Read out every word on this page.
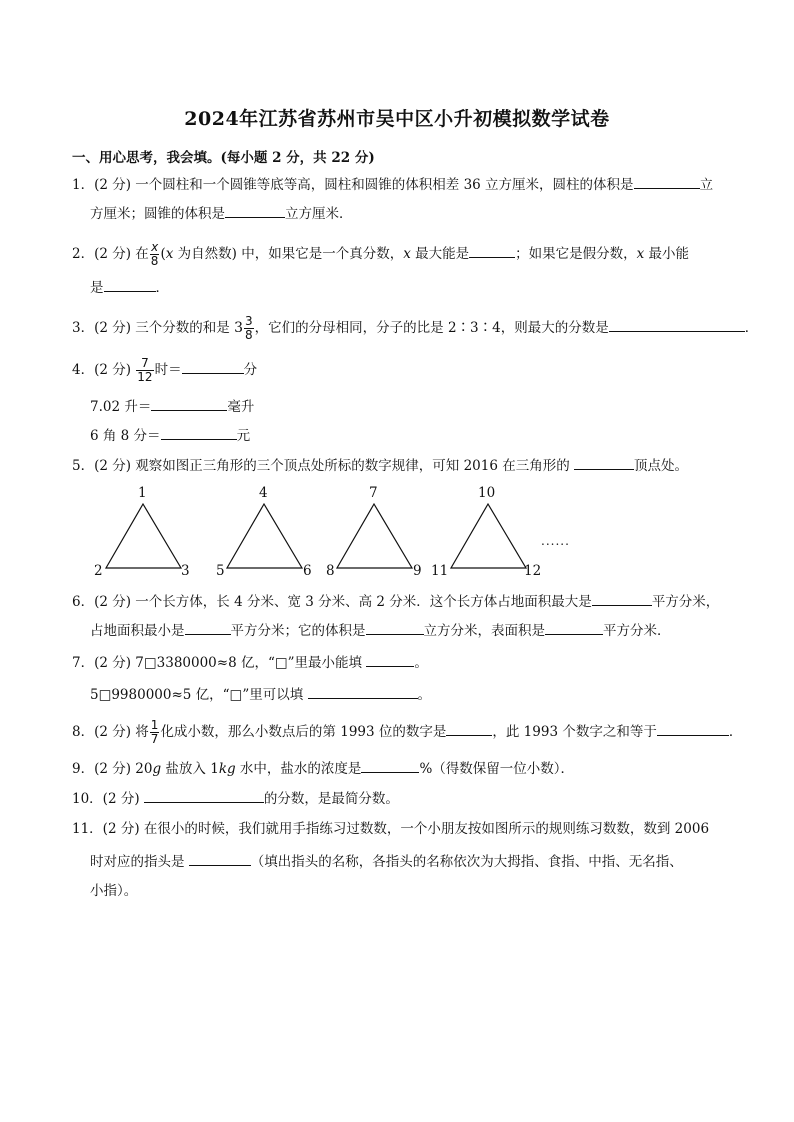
2024年江苏省苏州市吴中区小升初模拟数学试卷
一、用心思考，我会填。(每小题 2 分，共 22 分)
1．(2 分) 一个圆柱和一个圆锥等底等高，圆柱和圆锥的体积相差 36 立方厘米，圆柱的体积是	立
方厘米；圆锥的体积是	立方厘米．
2．(2 分) 在 $\frac{x}{8} (x$ 为自然数) 中，如果它是一个真分数，x 最大能是	；如果它是假分数，x 最小能
是	．
3．(2 分) 三个分数的和是 $3 \frac{3}{8}$ ，它们的分母相同，分子的比是 2∶3∶4，则最大的分数是	．
4．(2 分) $\frac{7}{12}$ 时＝	分
7.02 升＝	毫升
6 角 8 分＝	元
5．(2 分) 观察如图正三角形的三个顶点处所标的数字规律，可知 2016 在三角形的	顶点处。
1
2	3
4
5	6
7
8	9
10
11	12
......
6．(2 分) 一个长方体，长 4 分米、宽 3 分米、高 2 分米．这个长方体占地面积最大是	平方分米，
占地面积最小是	平方分米；它的体积是	立方分米，表面积是	平方分米．
7．(2 分) 7□3380000≈8 亿，“□”里最小能填	。
5□9980000≈5 亿，“□”里可以填	。
8．(2 分) 将 $\frac{1}{7}$ 化成小数，那么小数点后的第 1993 位的数字是	，此 1993 个数字之和等于	．
9．(2 分) 20g 盐放入 1kg 水中，盐水的浓度是	%（得数保留一位小数）．
10．(2 分)	的分数，是最简分数。
11．(2 分) 在很小的时候，我们就用手指练习过数数，一个小朋友按如图所示的规则练习数数，数到 2006
时对应的指头是	（填出指头的名称，各指头的名称依次为大拇指、食指、中指、无名指、
小指）。
